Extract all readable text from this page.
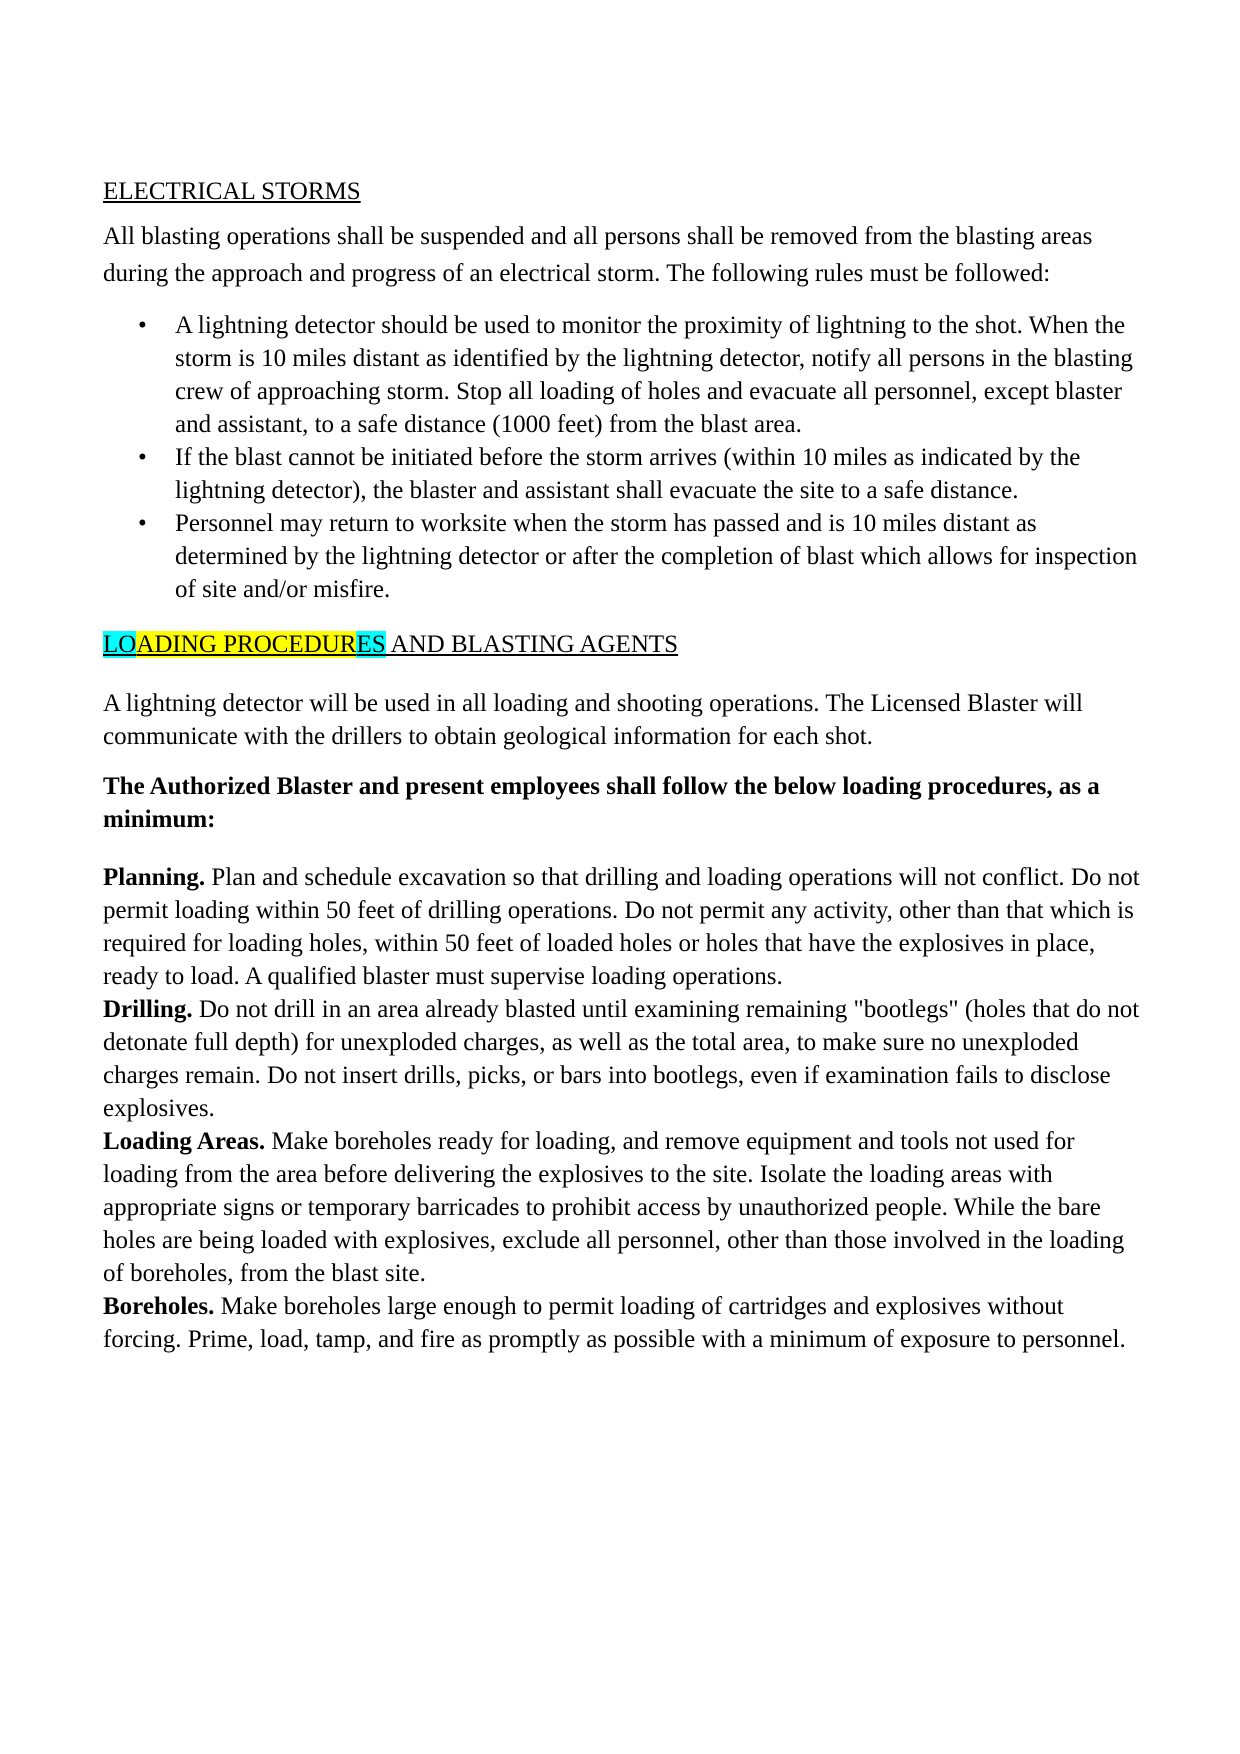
ELECTRICAL STORMS

All blasting operations shall be suspended and all persons shall be removed from the blasting areas during the approach and progress of an electrical storm. The following rules must be followed:

• A lightning detector should be used to monitor the proximity of lightning to the shot. When the storm is 10 miles distant as identified by the lightning detector, notify all persons in the blasting crew of approaching storm. Stop all loading of holes and evacuate all personnel, except blaster and assistant, to a safe distance (1000 feet) from the blast area.
• If the blast cannot be initiated before the storm arrives (within 10 miles as indicated by the lightning detector), the blaster and assistant shall evacuate the site to a safe distance.
• Personnel may return to worksite when the storm has passed and is 10 miles distant as determined by the lightning detector or after the completion of blast which allows for inspection of site and/or misfire.

LOADING PROCEDURES AND BLASTING AGENTS

A lightning detector will be used in all loading and shooting operations. The Licensed Blaster will communicate with the drillers to obtain geological information for each shot.

The Authorized Blaster and present employees shall follow the below loading procedures, as a minimum:

Planning. Plan and schedule excavation so that drilling and loading operations will not conflict. Do not permit loading within 50 feet of drilling operations. Do not permit any activity, other than that which is required for loading holes, within 50 feet of loaded holes or holes that have the explosives in place, ready to load. A qualified blaster must supervise loading operations.

Drilling. Do not drill in an area already blasted until examining remaining "bootlegs" (holes that do not detonate full depth) for unexploded charges, as well as the total area, to make sure no unexploded charges remain. Do not insert drills, picks, or bars into bootlegs, even if examination fails to disclose explosives.

Loading Areas. Make boreholes ready for loading, and remove equipment and tools not used for loading from the area before delivering the explosives to the site. Isolate the loading areas with appropriate signs or temporary barricades to prohibit access by unauthorized people. While the bare holes are being loaded with explosives, exclude all personnel, other than those involved in the loading of boreholes, from the blast site.

Boreholes. Make boreholes large enough to permit loading of cartridges and explosives without forcing. Prime, load, tamp, and fire as promptly as possible with a minimum of exposure to personnel.
